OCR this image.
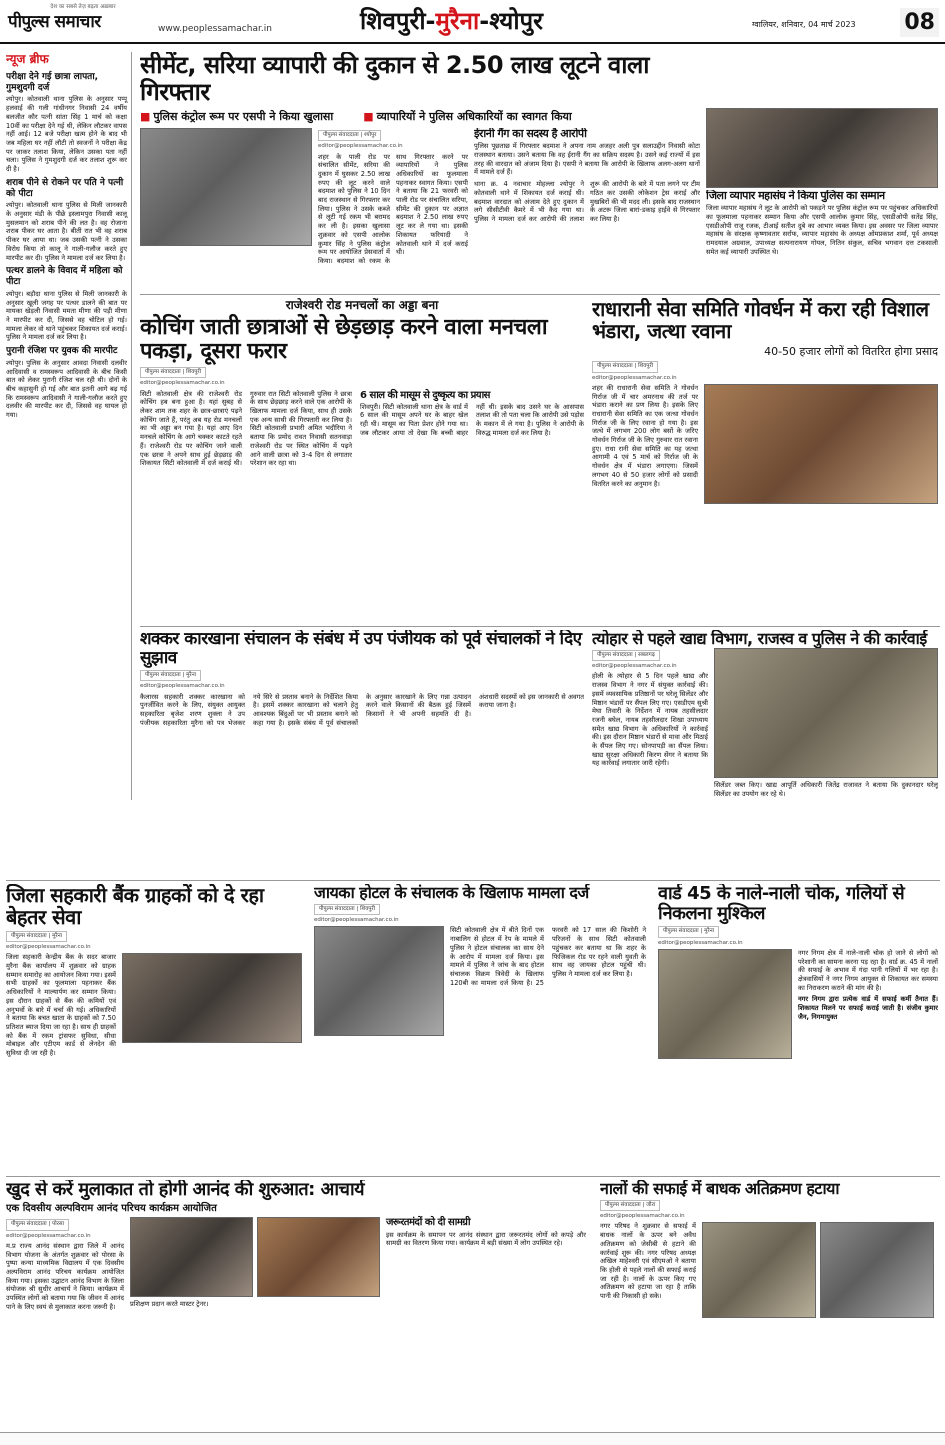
देश का सबसे तेज़ बढ़ता अख़बार
पीपुल्स समाचार	www.peoplessamachar.in	शिवपुरी-मुरैना-श्योपुर	ग्वालियर, शनिवार, 04 मार्च 2023 08
न्यूज ब्रीफ
परीक्षा देने गई छात्रा लापता, गुमशुदगी दर्ज

श्योपुर। कोतवाली थाना पुलिस के अनुसार पप्पू हलवाई की गली गांधीनगर निवासी 24 वर्षीय बलजीत कौर पत्नी सांता सिंह 1 मार्च को कक्षा 10वीं का परीक्षा देने गई थी, लेकिन लौटकर वापस नहीं आई। 12 बजे परीक्षा खत्म होने के बाद भी जब महिला घर नहीं लौटी तो स्वजनों ने परीक्षा केंद्र पर जाकर तलाश किया, लेकिन उसका पता नहीं चला। पुलिस ने गुमशुदगी दर्ज कर तलाश शुरू कर दी है।

शराब पीने से रोकने पर पति ने पत्नी को पीटा

श्योपुर। कोतवाली थाना पुलिस से मिली जानकारी के अनुसार मंडी के पीछे इस्लामपुरा निवासी कालू मुसलमान को शराब पीने की लत है। वह रोजाना शराब पीकर घर आता है। बीती रात भी वह शराब पीकर घर आया था। जब उसकी पत्नी ने उसका विरोध किया तो कालू ने गाली-गलौज करते हुए मारपीट कर दी। पुलिस ने मामला दर्ज कर लिया है।

पत्थर डालने के विवाद में महिला को पीटा

श्योपुर। बड़ौदा थाना पुलिस से मिली जानकारी के अनुसार खूली जगह पर पत्थर डालने की बात पर मायका खेड़ली निवासी ममता मीणा की पड़ी मीणा ने मारपीट कर दी, जिससे वह चोटिल हो गई। मामला लेकर वो थाने पहुंचकर शिकायत दर्ज कराई। पुलिस ने मामला दर्ज कर लिया है।

पुरानी रंजिश पर युवक की मारपीट

श्योपुर। पुलिस के अनुसार आवदा निवासी दलवीर आदिवासी व रामस्वरूप आदिवासी के बीच किसी बात को लेकर पुरानी रंजिश चल रही थी। दोनों के बीच कहासुनी हो गई और बात इतनी आगे बढ़ गई कि रामस्वरूप आदिवासी ने गाली-गलौज करते हुए दलवीर की मारपीट कर दी, जिससे वह घायल हो गया।

सीमेंट, सरिया व्यापारी की दुकान से 2.50 लाख लूटने वाला गिरफ्तार
■ पुलिस कंट्रोल रूम पर एसपी ने किया खुलासा	■ व्यापारियों ने पुलिस अधिकारियों का स्वागत किया
पीपुल्स संवाददाता | श्योपुर
editor@peoplessamachar.co.in

शहर के पाली रोड पर संचालित सीमेंट, सरिया की दुकान में घुसकर 2.50 लाख रुपए की लूट करने वाले बदमाश को पुलिस ने 10 दिन बाद राजस्थान से गिरफ्तार कर लिया। पुलिस ने उसके कब्जे से लूटी गई रकम भी बरामद कर ली है। इसका खुलासा शुक्रवार को एसपी आलोक कुमार सिंह ने पुलिस कंट्रोल रूम पर आयोजित प्रेसवार्ता में किया। बदमाश को रकम के साथ गिरफ्तार करने पर व्यापारियों ने पुलिस अधिकारियों का फूलमाला पहनाकर स्वागत किया। एसपी ने बताया कि 21 फरवरी को पाली रोड पर संचालित सरिया, सीमेंट की दुकान पर अज्ञात बदमाश ने 2.50 लाख रुपए लूट कर ले गया था। इसकी शिकायत फरियादी ने कोतवाली थाने में दर्ज कराई थी।

ईरानी गैंग का सदस्य है आरोपी

पुलिस पूछताछ में गिरफ्तार बदमाश ने अपना नाम अजहर अली पुत्र सलाउद्दीन निवासी कोटा राजस्थान बताया। उसने बताया कि वह ईरानी गैंग का सक्रिय सदस्य है। उसने कई राज्यों में इस तरह की वारदात को अंजाम दिया है। एसपी ने बताया कि आरोपी के खिलाफ अलग-अलग थानों में मामले दर्ज हैं।

थाना क्र. 4 नवाचार मोहल्ला श्योपुर ने कोतवाली थाने में शिकायत दर्ज कराई थी। बदमाश वारदात को अंजाम देते हुए दुकान में लगे सीसीटीवी कैमरे में भी कैद गया था। पुलिस ने मामला दर्ज कर आरोपी की तलाश शुरू की आरोपी के बारे में पता लगने पर टीम गठित कर उसकी लोकेशन ट्रेस कराई और मुखबिरों की भी मदद ली। इसके बाद राजस्थान के अटरू जिला बारां-डकाइ हाईवे से गिरफ्तार कर लिया है।

जिला व्यापार महासंघ ने किया पुलिस का सम्मान

जिला व्यापार महासंघ ने लूट के आरोपी को पकड़ने पर पुलिस कंट्रोल रूम पर पहुंचकर अधिकारियों का फूलमाला पहनाकर सम्मान किया और एसपी आलोक कुमार सिंह, एसडीओपी सतेंद्र सिंह, एसडीओपी राजू रजक, टीआई सतीश दुबे का आभार व्यक्त किया। इस अवसर पर जिला व्यापार महासंघ के संरक्षक कृष्णावतार सर्राफ, व्यापार महासंघ के अध्यक्ष ओमप्रकाश शर्मा, पूर्व अध्यक्ष रामदयाल अग्रवाल, उपाध्यक्ष सत्यनारायण गोयल, नितिन संकुल, सचिव भगवान दत्त टकसाली समेत कई व्यापारी उपस्थित थे।

राजेश्वरी रोड मनचलों का अड्डा बना
कोचिंग जाती छात्राओं से छेड़छाड़ करने वाला मनचला पकड़ा, दूसरा फरार
पीपुल्स संवाददाता | शिवपुरी
editor@peoplessamachar.co.in

सिटी कोतवाली क्षेत्र की राजेश्वरी रोड कोचिंग हब बना हुआ है। यहां सुबह से लेकर शाम तक शहर के छात्र-छात्राएं पढ़ने कोचिंग जाते हैं, परंतु अब यह रोड मनचलों का भी अड्डा बन गया है। यहां आए दिन मनचले कोचिंग के आगे चक्कर काटते रहते हैं। राजेश्वरी रोड पर कोचिंग जाने वाली एक छात्रा ने अपने साथ हुई छेड़छाड़ की शिकायत सिटी कोतवाली में दर्ज कराई थी। गुरुवार रात सिटी कोतवाली पुलिस ने छात्रा के साथ छेड़छाड़ करने वाले एक आरोपी के खिलाफ मामला दर्ज किया, साथ ही उसके एक अन्य साथी की गिरफ्तारी कर लिया है। सिटी कोतवाली प्रभारी अमित भदौरिया ने बताया कि प्रमोद रावत निवासी सतनवाड़ा राजेश्वरी रोड पर स्थित कोचिंग में पढ़ने आने वाली छात्रा को 3-4 दिन से लगातार परेशान कर रहा था।

6 साल की मासूम से दुष्कृत्य का प्रयास

शिवपुरी। सिटी कोतवाली थाना क्षेत्र के वार्ड में 6 साल की मासूम अपने घर के बाहर खेल रही थी। मासूम का पिता प्रेशर होने गया था। जब लौटकर आया तो देखा कि बच्ची बाहर नहीं थी। इसके बाद उसने घर के आसपास तलाश की तो पता चला कि आरोपी उसे पड़ोस के मकान में ले गया है। पुलिस ने आरोपी के विरुद्ध मामला दर्ज कर लिया है।

राधारानी सेवा समिति गोवर्धन में करा रही विशाल भंडारा, जत्था रवाना
40-50 हजार लोगों को वितरित होगा प्रसाद
पीपुल्स संवाददाता | शिवपुरी
editor@peoplessamachar.co.in

शहर की राधारानी सेवा समिति ने गोवर्धन गिर्राज जी में चार अमरनाथ की तर्ज पर भंडारा कराने का प्रण लिया है। इसके लिए राधारानी सेवा समिति का एक जत्था गोवर्धन गिर्राज जी के लिए रवाना हो गया है। इस जत्थे में लगभग 200 लोग बसों के जरिए गोवर्धन गिर्राज जी के लिए गुरुवार रात रवाना हुए। राधा रानी सेवा समिति का यह जत्था आगामी 4 एवं 5 मार्च को गिर्राज जी के गोवर्धन क्षेत्र में भंडारा लगाएगा। जिसमें लगभग 40 से 50 हजार लोगों को प्रसादी वितरित करने का अनुमान है।

शक्कर कारखाना संचालन के संबंध में उप पंजीयक को पूर्व संचालकों ने दिए सुझाव
पीपुल्स संवाददाता | मुरैना
editor@peoplessamachar.co.in

कैलारस सहकारी शक्कर कारखाना को पुनर्जीवित करने के लिए, संयुक्त आयुक्त सहकारिता बृजेश शरण शुक्ला ने उप पंजीयक सहकारिता मुरैना को पत्र भेजकर नये सिरे से प्रस्ताव बनाने के निर्देशित किया है। इसमें शक्कर कारखाना को चलाने हेतु आवश्यक बिंदुओं पर भी प्रस्ताव बनाने को कहा गया है। इसके संबंध में पूर्व संचालकों के अनुसार कारखाने के लिए गन्ना उत्पादन करने वाले किसानों की बैठक हुई जिसमें किसानों ने भी अपनी सहमति दी है। अंशधारी सदस्यों को इस जानकारी से अवगत कराया जाना है।

त्योहार से पहले खाद्य विभाग, राजस्व व पुलिस ने की कार्रवाई
पीपुल्स संवाददाता | सबलगढ़
editor@peoplessamachar.co.in

होली के त्योहार से 5 दिन पहले खाद्य और राजस्व विभाग ने नगर में संयुक्त कार्रवाई की। इसमें व्यवसायिक प्रतिष्ठानों पर घरेलू सिलेंडर और मिष्ठान भंडारों पर सैंपल लिए गए। एसडीएम सुश्री मेघा तिवारी के निर्देशन में नायब तहसीलदार रजनी बघेल, नायब तहसीलदार शिखा उपाध्याय समेत खाद्य विभाग के अधिकारियों ने कार्रवाई की। इस दौरान मिष्ठान भंडारों से मावा और मिठाई के सैंपल लिए गए। सोनपापड़ी का सैंपल लिया। खाद्य सुरक्षा अधिकारी किरण सेंगर ने बताया कि यह कार्रवाई लगातार जारी रहेगी।

सिलेंडर जब्त किए। खाद्य आपूर्ति अधिकारी जितेंद्र राजावत ने बताया कि दुकानदार घरेलू सिलेंडर का उपयोग कर रहे थे।

जिला सहकारी बैंक ग्राहकों को दे रहा बेहतर सेवा
पीपुल्स संवाददाता | मुरैना
editor@peoplessamachar.co.in

जिला सहकारी केन्द्रीय बैंक के सदर बाजार मुरैना बैंक कार्यालय में शुक्रवार को ग्राहक सम्मान समारोह का आयोजन किया गया। इसमें सभी ग्राहकों का फूलमाला पहनाकर बैंक अधिकारियों ने माल्यार्पण कर सम्मान किया। इस दौरान ग्राहकों से बैंक की कमियों एवं अनुभवों के बारे में चर्चा की गई। अधिकारियों ने बताया कि बचत खाता के ग्राहकों को 7.50 प्रतिशत ब्याज दिया जा रहा है। साथ ही ग्राहकों को बैंक में रकम ट्रांसफर सुविधा, सीधा मोबाइल और एटीएम कार्ड से लेनदेन की सुविधा दी जा रही है।

जायका होटल के संचालक के खिलाफ मामला दर्ज
पीपुल्स संवाददाता | शिवपुरी
editor@peoplessamachar.co.in

सिटी कोतवाली क्षेत्र में बीते दिनों एक नाबालिग से होटल में रेप के मामले में पुलिस ने होटल संचालक का साथ देने के आरोप में मामला दर्ज किया। इस मामले में पुलिस ने जांच के बाद होटल संचालक विक्रम त्रिवेदी के खिलाफ 120बी का मामला दर्ज किया है। 25 फरवरी को 17 साल की किशोरी ने परिजनों के साथ सिटी कोतवाली पहुंचकर कर बताया था कि शहर के फिजिकल रोड पर रहने वाली युवती के साथ वह जायका होटल पहुंची थी। पुलिस ने मामला दर्ज कर लिया है।

वार्ड 45 के नाले-नाली चोक, गलियों से निकलना मुश्किल
पीपुल्स संवाददाता | मुरैना
editor@peoplessamachar.co.in

नगर निगम क्षेत्र में नाले-नाली चोक हो जाने से लोगों को परेशानी का सामना करना पड़ रहा है। वार्ड क्र. 45 में नालों की सफाई के अभाव में गंदा पानी गलियों में भर रहा है। क्षेत्रवासियों ने नगर निगम आयुक्त से शिकायत कर समस्या का निराकरण कराने की मांग की है।

नगर निगम द्वारा प्रत्येक वार्ड में सफाई कर्मी तैनात हैं। शिकायत मिलने पर सफाई कराई जाती है। संजीव कुमार जैन, निगमायुक्त

खुद से करें मुलाकात तो होगी आनंद की शुरुआत: आचार्य
एक दिवसीय अल्पविराम आनंद परिचय कार्यक्रम आयोजित
पीपुल्स संवाददाता | पोरसा
editor@peoplessamachar.co.in

म.प्र राज्य आनंद संस्थान द्वारा जिले में आनंद विभाग योजना के अंतर्गत शुक्रवार को पोरसा के पुष्पा कन्या माध्यमिक विद्यालय में एक दिवसीय अल्पविराम आनंद परिचय कार्यक्रम आयोजित किया गया। इसका उद्घाटन आनंद विभाग के जिला संयोजक श्री सुधीर आचार्य ने किया। कार्यक्रम में उपस्थित लोगों को बताया गया कि जीवन में आनंद पाने के लिए स्वयं से मुलाकात करना जरूरी है।	प्रशिक्षण प्रदान करते मास्टर ट्रेनर।

जरूरतमंदों को दी सामग्री

इस कार्यक्रम के समापन पर आनंद संस्थान द्वारा जरूरतमंद लोगों को कपड़े और सामग्री का वितरण किया गया। कार्यक्रम में बड़ी संख्या में लोग उपस्थित रहे।

नालों की सफाई में बाधक अतिक्रमण हटाया
पीपुल्स संवाददाता | जौरा
editor@peoplessamachar.co.in

नगर परिषद ने शुक्रवार से सफाई में बाधक नालों के ऊपर बने अवैध अतिक्रमण को जेसीबी से हटाने की कार्रवाई शुरू की। नगर परिषद अध्यक्ष अखिल माहेश्वरी एवं सीएमओ ने बताया कि होली से पहले नालों की सफाई कराई जा रही है। नालों के ऊपर किए गए अतिक्रमण को हटाया जा रहा है ताकि पानी की निकासी हो सके।
